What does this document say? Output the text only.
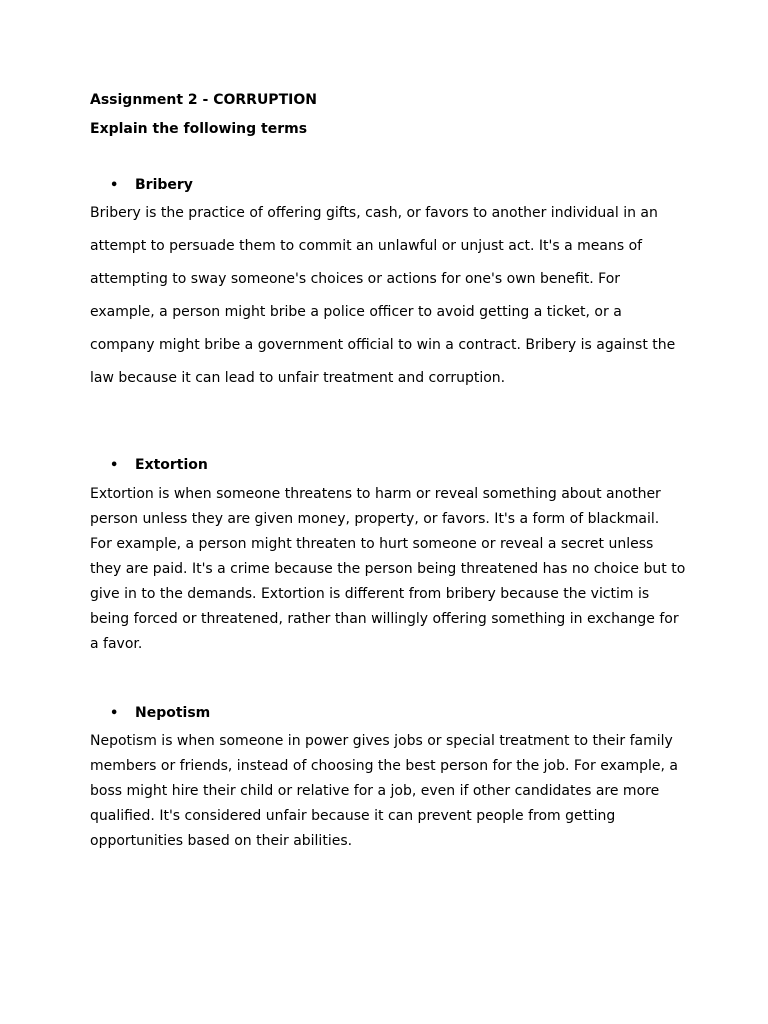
Assignment 2 - CORRUPTION
Explain the following terms
• Bribery

Bribery is the practice of offering gifts, cash, or favors to another individual in an
attempt to persuade them to commit an unlawful or unjust act. It's a means of
attempting to sway someone's choices or actions for one's own benefit. For
example, a person might bribe a police officer to avoid getting a ticket, or a
company might bribe a government official to win a contract. Bribery is against the
law because it can lead to unfair treatment and corruption.

• Extortion

Extortion is when someone threatens to harm or reveal something about another
person unless they are given money, property, or favors. It's a form of blackmail.
For example, a person might threaten to hurt someone or reveal a secret unless
they are paid. It's a crime because the person being threatened has no choice but to
give in to the demands. Extortion is different from bribery because the victim is
being forced or threatened, rather than willingly offering something in exchange for
a favor.

• Nepotism

Nepotism is when someone in power gives jobs or special treatment to their family
members or friends, instead of choosing the best person for the job. For example, a
boss might hire their child or relative for a job, even if other candidates are more
qualified. It's considered unfair because it can prevent people from getting
opportunities based on their abilities.
